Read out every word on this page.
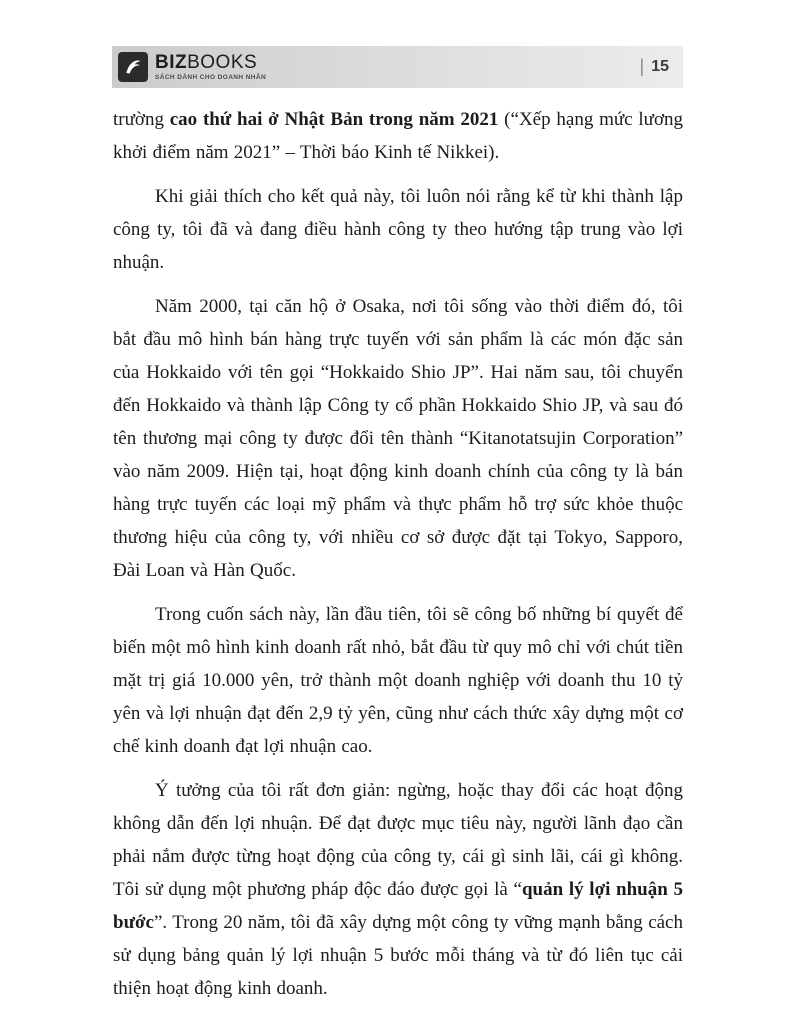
BIZBOOKS
SÁCH DÀNH CHO DOANH NHÂN
| 15

trường cao thứ hai ở Nhật Bản trong năm 2021 (“Xếp hạng mức lương khởi điểm năm 2021” – Thời báo Kinh tế Nikkei).

Khi giải thích cho kết quả này, tôi luôn nói rằng kể từ khi thành lập công ty, tôi đã và đang điều hành công ty theo hướng tập trung vào lợi nhuận.

Năm 2000, tại căn hộ ở Osaka, nơi tôi sống vào thời điểm đó, tôi bắt đầu mô hình bán hàng trực tuyến với sản phẩm là các món đặc sản của Hokkaido với tên gọi “Hokkaido Shio JP”. Hai năm sau, tôi chuyển đến Hokkaido và thành lập Công ty cổ phần Hokkaido Shio JP, và sau đó tên thương mại công ty được đổi tên thành “Kitanotatsujin Corporation” vào năm 2009. Hiện tại, hoạt động kinh doanh chính của công ty là bán hàng trực tuyến các loại mỹ phẩm và thực phẩm hỗ trợ sức khỏe thuộc thương hiệu của công ty, với nhiều cơ sở được đặt tại Tokyo, Sapporo, Đài Loan và Hàn Quốc.

Trong cuốn sách này, lần đầu tiên, tôi sẽ công bố những bí quyết để biến một mô hình kinh doanh rất nhỏ, bắt đầu từ quy mô chỉ với chút tiền mặt trị giá 10.000 yên, trở thành một doanh nghiệp với doanh thu 10 tỷ yên và lợi nhuận đạt đến 2,9 tỷ yên, cũng như cách thức xây dựng một cơ chế kinh doanh đạt lợi nhuận cao.

Ý tưởng của tôi rất đơn giản: ngừng, hoặc thay đổi các hoạt động không dẫn đến lợi nhuận. Để đạt được mục tiêu này, người lãnh đạo cần phải nắm được từng hoạt động của công ty, cái gì sinh lãi, cái gì không. Tôi sử dụng một phương pháp độc đáo được gọi là “quản lý lợi nhuận 5 bước”. Trong 20 năm, tôi đã xây dựng một công ty vững mạnh bằng cách sử dụng bảng quản lý lợi nhuận 5 bước mỗi tháng và từ đó liên tục cải thiện hoạt động kinh doanh.
